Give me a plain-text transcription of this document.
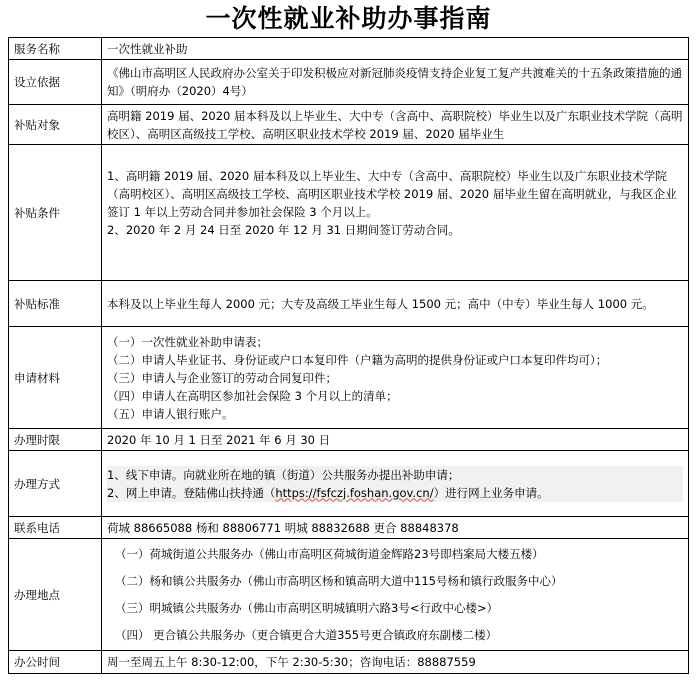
一次性就业补助办事指南
服务名称	一次性就业补助
设立依据	《佛山市高明区人民政府办公室关于印发积极应对新冠肺炎疫情支持企业复工复产共渡难关的十五条政策措施的通知》（明府办（2020）4号）

补贴对象	高明籍 2019 届、2020 届本科及以上毕业生、大中专（含高中、高职院校）毕业生以及广东职业技术学院（高明校区）、高明区高级技工学校、高明区职业技术学校 2019 届、2020 届毕业生

补贴条件	1、高明籍 2019 届、2020 届本科及以上毕业生、大中专（含高中、高职院校）毕业生以及广东职业技术学院（高明校区）、高明区高级技工学校、高明区职业技术学校 2019 届、2020 届毕业生留在高明就业，与我区企业签订 1 年以上劳动合同并参加社会保险 3 个月以上。
2、2020 年 2 月 24 日至 2020 年 12 月 31 日期间签订劳动合同。

补贴标准	本科及以上毕业生每人 2000 元；大专及高级工毕业生每人 1500 元；高中（中专）毕业生每人 1000 元。

申请材料	（一）一次性就业补助申请表；
（二）申请人毕业证书、身份证或户口本复印件（户籍为高明的提供身份证或户口本复印件均可）；
（三）申请人与企业签订的劳动合同复印件；
（四）申请人在高明区参加社会保险 3 个月以上的清单；
（五）申请人银行账户。

办理时限	2020 年 10 月 1 日至 2021 年 6 月 30 日
办理方式	1、线下申请。向就业所在地的镇（街道）公共服务办提出补助申请；
2、网上申请。登陆佛山扶持通（https://fsfczj.foshan.gov.cn/）进行网上业务申请。

联系电话	荷城 88665088 杨和 88806771 明城 88832688 更合 88848378
办理地点	（一）荷城街道公共服务办（佛山市高明区荷城街道金辉路23号即档案局大楼五楼）
（二）杨和镇公共服务办（佛山市高明区杨和镇高明大道中115号杨和镇行政服务中心）
（三）明城镇公共服务办（佛山市高明区明城镇明六路3号<行政中心楼>）
（四） 更合镇公共服务办（更合镇更合大道355号更合镇政府东副楼二楼）

办公时间	周一至周五上午 8:30-12:00，下午 2:30-5:30；咨询电话：88887559
